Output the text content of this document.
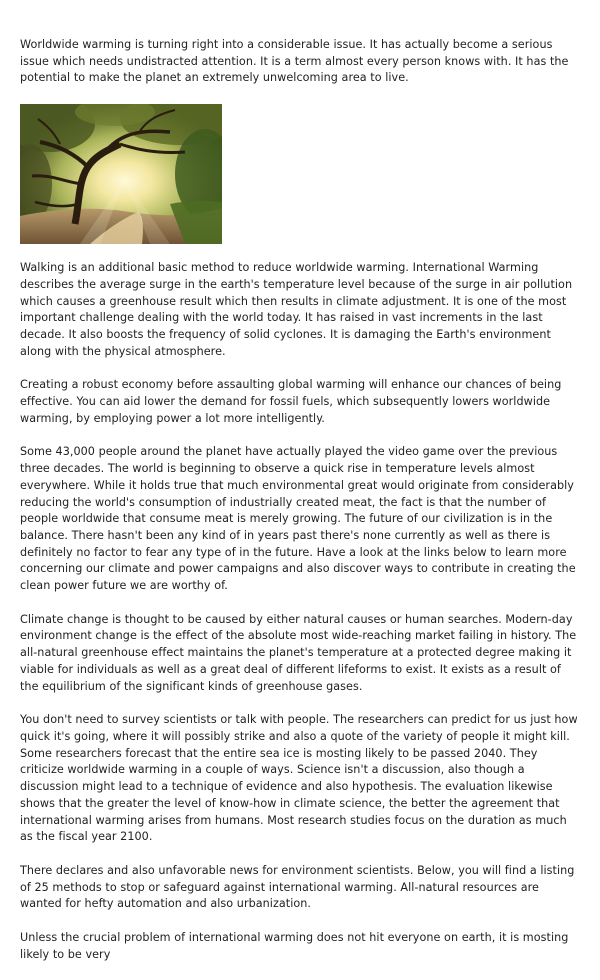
Worldwide warming is turning right into a considerable issue. It has actually become a serious issue which needs undistracted attention. It is a term almost every person knows with. It has the potential to make the planet an extremely unwelcoming area to live.

Walking is an additional basic method to reduce worldwide warming. International Warming describes the average surge in the earth's temperature level because of the surge in air pollution which causes a greenhouse result which then results in climate adjustment. It is one of the most important challenge dealing with the world today. It has raised in vast increments in the last decade. It also boosts the frequency of solid cyclones. It is damaging the Earth's environment along with the physical atmosphere.

Creating a robust economy before assaulting global warming will enhance our chances of being effective. You can aid lower the demand for fossil fuels, which subsequently lowers worldwide warming, by employing power a lot more intelligently.

Some 43,000 people around the planet have actually played the video game over the previous three decades. The world is beginning to observe a quick rise in temperature levels almost everywhere. While it holds true that much environmental great would originate from considerably reducing the world's consumption of industrially created meat, the fact is that the number of people worldwide that consume meat is merely growing. The future of our civilization is in the balance. There hasn't been any kind of in years past there's none currently as well as there is definitely no factor to fear any type of in the future. Have a look at the links below to learn more concerning our climate and power campaigns and also discover ways to contribute in creating the clean power future we are worthy of.

Climate change is thought to be caused by either natural causes or human searches. Modern-day environment change is the effect of the absolute most wide-reaching market failing in history. The all-natural greenhouse effect maintains the planet's temperature at a protected degree making it viable for individuals as well as a great deal of different lifeforms to exist. It exists as a result of the equilibrium of the significant kinds of greenhouse gases.

You don't need to survey scientists or talk with people. The researchers can predict for us just how quick it's going, where it will possibly strike and also a quote of the variety of people it might kill. Some researchers forecast that the entire sea ice is mosting likely to be passed 2040. They criticize worldwide warming in a couple of ways. Science isn't a discussion, also though a discussion might lead to a technique of evidence and also hypothesis. The evaluation likewise shows that the greater the level of know-how in climate science, the better the agreement that international warming arises from humans. Most research studies focus on the duration as much as the fiscal year 2100.

There declares and also unfavorable news for environment scientists. Below, you will find a listing of 25 methods to stop or safeguard against international warming. All-natural resources are wanted for hefty automation and also urbanization.

Unless the crucial problem of international warming does not hit everyone on earth, it is mosting likely to be very
